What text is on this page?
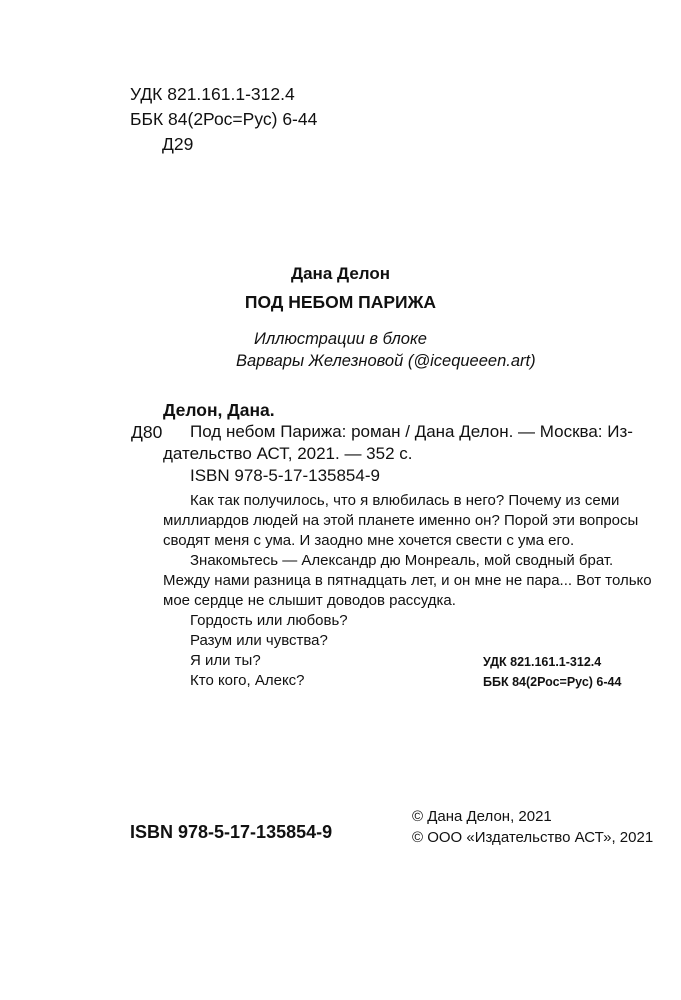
УДК 821.161.1-312.4
ББК 84(2Рос=Рус) 6-44
Д29
Дана Делон
ПОД НЕБОМ ПАРИЖА
Иллюстрации в блоке
Варвары Железновой (@icequeeen.art)
Делон, Дана.
Д80 Под небом Парижа: роман / Дана Делон. — Москва: Из-
дательство АСТ, 2021. — 352 с.
ISBN 978-5-17-135854-9
Как так получилось, что я влюбилась в него? Почему из семи
миллиардов людей на этой планете именно он? Порой эти вопросы
сводят меня с ума. И заодно мне хочется свести с ума его.
Знакомьтесь — Александр дю Монреаль, мой сводный брат.
Между нами разница в пятнадцать лет, и он мне не пара... Вот только
мое сердце не слышит доводов рассудка.
Гордость или любовь?
Разум или чувства?
Я или ты?
Кто кого, Алекс?
УДК 821.161.1-312.4
ББК 84(2Рос=Рус) 6-44
ISBN 978-5-17-135854-9
© Дана Делон, 2021
© ООО «Издательство АСТ», 2021
